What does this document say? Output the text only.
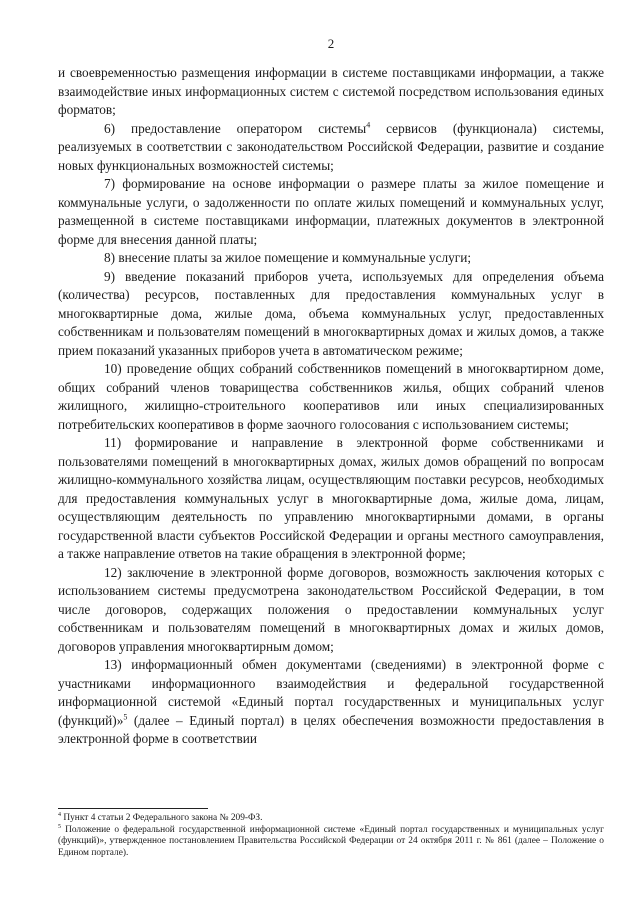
2

и своевременностью размещения информации в системе поставщиками информации, а также взаимодействие иных информационных систем с системой посредством использования единых форматов;

6) предоставление оператором системы$^4$ сервисов (функционала) системы, реализуемых в соответствии с законодательством Российской Федерации, развитие и создание новых функциональных возможностей системы;

7) формирование на основе информации о размере платы за жилое помещение и коммунальные услуги, о задолженности по оплате жилых помещений и коммунальных услуг, размещенной в системе поставщиками информации, платежных документов в электронной форме для внесения данной платы;

8) внесение платы за жилое помещение и коммунальные услуги;

9) введение показаний приборов учета, используемых для определения объема (количества) ресурсов, поставленных для предоставления коммунальных услуг в многоквартирные дома, жилые дома, объема коммунальных услуг, предоставленных собственникам и пользователям помещений в многоквартирных домах и жилых домов, а также прием показаний указанных приборов учета в автоматическом режиме;

10) проведение общих собраний собственников помещений в многоквартирном доме, общих собраний членов товарищества собственников жилья, общих собраний членов жилищного, жилищно-строительного кооперативов или иных специализированных потребительских кооперативов в форме заочного голосования с использованием системы;

11) формирование и направление в электронной форме собственниками и пользователями помещений в многоквартирных домах, жилых домов обращений по вопросам жилищно-коммунального хозяйства лицам, осуществляющим поставки ресурсов, необходимых для предоставления коммунальных услуг в многоквартирные дома, жилые дома, лицам, осуществляющим деятельность по управлению многоквартирными домами, в органы государственной власти субъектов Российской Федерации и органы местного самоуправления, а также направление ответов на такие обращения в электронной форме;

12) заключение в электронной форме договоров, возможность заключения которых с использованием системы предусмотрена законодательством Российской Федерации, в том числе договоров, содержащих положения о предоставлении коммунальных услуг собственникам и пользователям помещений в многоквартирных домах и жилых домов, договоров управления многоквартирным домом;

13) информационный обмен документами (сведениями) в электронной форме с участниками информационного взаимодействия и федеральной государственной информационной системой «Единый портал государственных и муниципальных услуг (функций)»$^5$ (далее – Единый портал) в целях обеспечения возможности предоставления в электронной форме в соответствии

$^4$ Пункт 4 статьи 2 Федерального закона № 209-ФЗ.

$^5$ Положение о федеральной государственной информационной системе «Единый портал государственных и муниципальных услуг (функций)», утвержденное постановлением Правительства Российской Федерации от 24 октября 2011 г. № 861 (далее – Положение о Едином портале).
